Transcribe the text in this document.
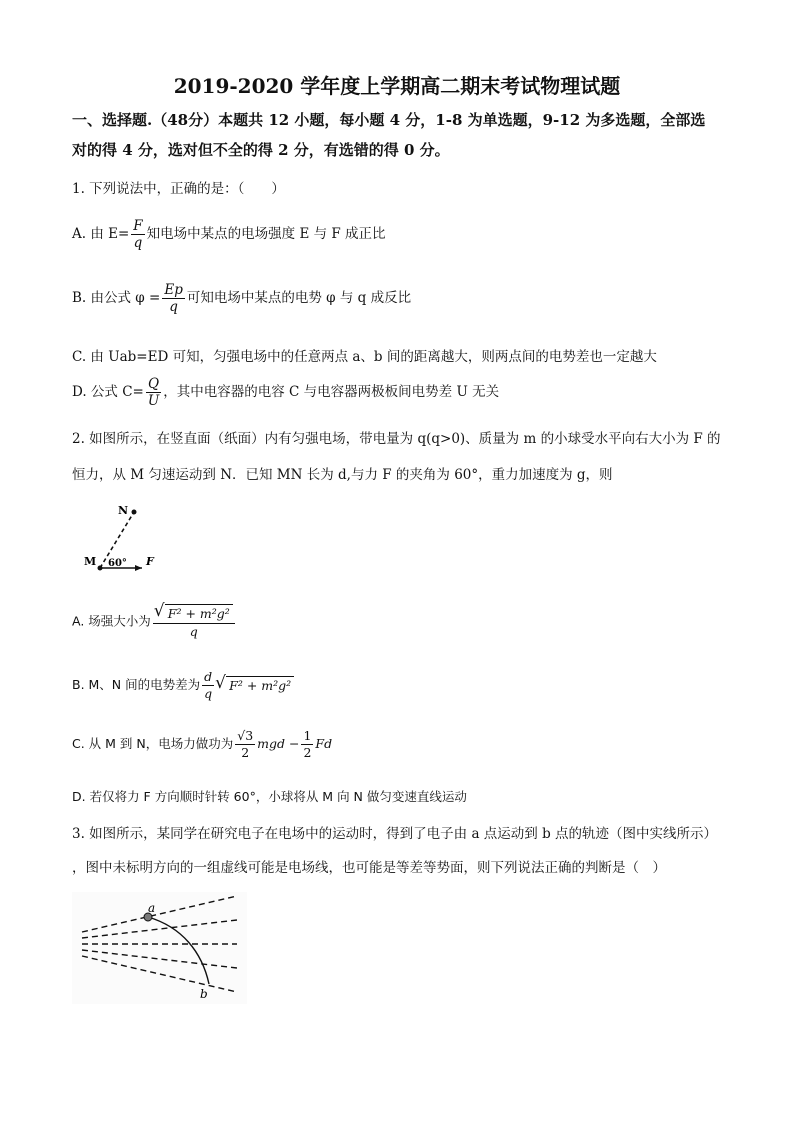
2019-2020 学年度上学期高二期末考试物理试题
一、选择题.（48分）本题共 12 小题，每小题 4 分，1-8 为单选题，9-12 为多选题，全部选
对的得 4 分，选对但不全的得 2 分，有选错的得 0 分。
1. 下列说法中，正确的是：（　　）
A. 由 $E= \frac{F}{q}$ 知电场中某点的电场强度 E 与 F 成正比
B. 由公式 $\varphi = \frac{Ep}{q}$ 可知电场中某点的电势 φ 与 q 成反比
C. 由 Uab=ED 可知，匀强电场中的任意两点 a、b 间的距离越大，则两点间的电势差也一定越大
D. 公式 $C= \frac{Q}{U}$ ，其中电容器的电容 C 与电容器两极板间电势差 U 无关
2. 如图所示，在竖直面（纸面）内有匀强电场，带电量为 q(q>0)、质量为 m 的小球受水平向右大小为 F 的
恒力，从 M 匀速运动到 N．已知 MN 长为 d,与力 F 的夹角为 60°，重力加速度为 g，则
N
M 60° F
A. 场强大小为 √ $\frac{\text{F² + m²g²}}{q}$
B. M、N 间的电势差为 $\frac{d}{q}$ √ F² + m²g²
C. 从 M 到 N，电场力做功为 $\frac{√3}{2}$ mgd − $\frac{1}{2}$ Fd
D. 若仅将力 F 方向顺时针转 60°，小球将从 M 向 N 做匀变速直线运动
3. 如图所示，某同学在研究电子在电场中的运动时，得到了电子由 a 点运动到 b 点的轨迹（图中实线所示）
，图中未标明方向的一组虚线可能是电场线，也可能是等差等势面，则下列说法正确的判断是（　）
a
b
